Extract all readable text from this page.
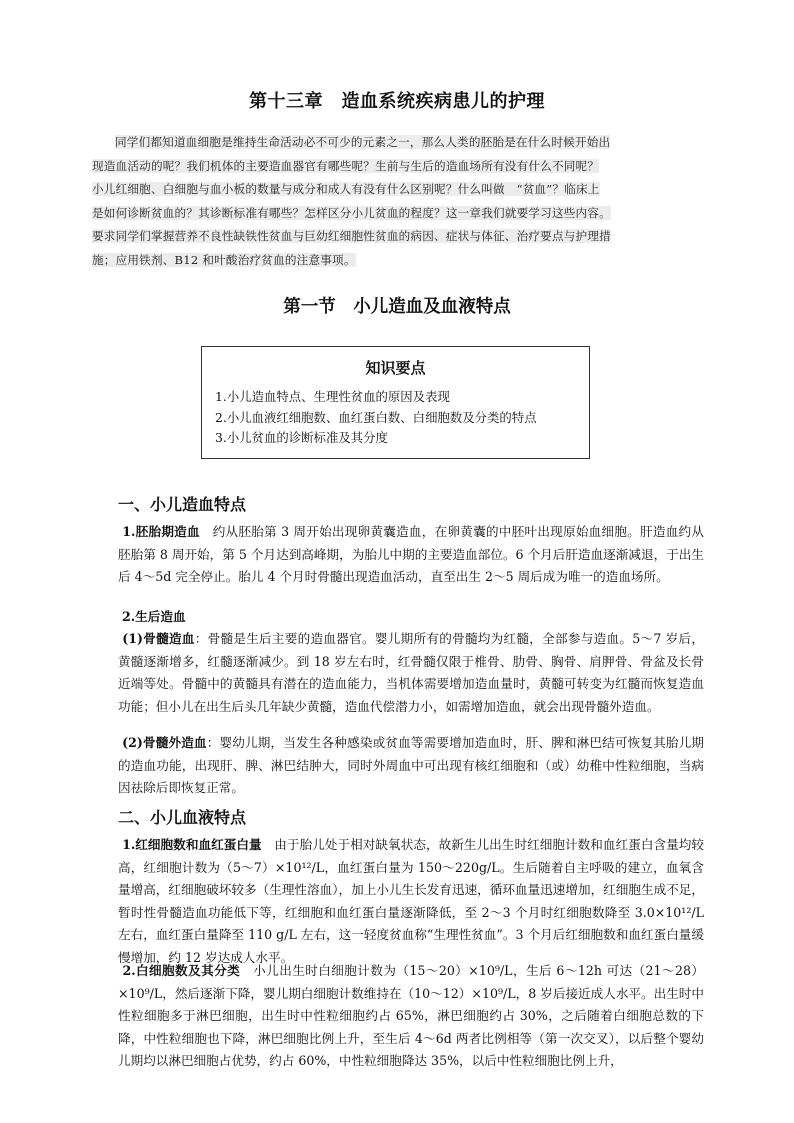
第十三章　造血系统疾病患儿的护理
同学们都知道血细胞是维持生命活动必不可少的元素之一，那么人类的胚胎是在什么时候开始出
现造血活动的呢？我们机体的主要造血器官有哪些呢？生前与生后的造血场所有没有什么不同呢？
小儿红细胞、白细胞与血小板的数量与成分和成人有没有什么区别呢？什么叫做　“贫血”？临床上
是如何诊断贫血的？其诊断标准有哪些？怎样区分小儿贫血的程度？这一章我们就要学习这些内容。
要求同学们掌握营养不良性缺铁性贫血与巨幼红细胞性贫血的病因、症状与体征、治疗要点与护理措
施；应用铁剂、B12 和叶酸治疗贫血的注意事项。
第一节　小儿造血及血液特点
知识要点
1.小儿造血特点、生理性贫血的原因及表现
2.小儿血液红细胞数、血红蛋白数、白细胞数及分类的特点
3.小儿贫血的诊断标准及其分度
一、小儿造血特点
1.胚胎期造血　 约从胚胎第 3 周开始出现卵黄囊造血，在卵黄囊的中胚叶出现原始血细胞。肝造血约从胚胎第 8 周开始，第 5 个月达到高峰期，为胎儿中期的主要造血部位。6 个月后肝造血逐渐减退，于出生后 4～5d 完全停止。胎儿 4 个月时骨髓出现造血活动，直至出生 2～5 周后成为唯一的造血场所。
2.生后造血
(1)骨髓造血：骨髓是生后主要的造血器官。婴儿期所有的骨髓均为红髓，全部参与造血。5～7 岁后，黄髓逐渐增多，红髓逐渐减少。到 18 岁左右时，红骨髓仅限于椎骨、肋骨、胸骨、肩胛骨、骨盆及长骨近端等处。骨髓中的黄髓具有潜在的造血能力，当机体需要增加造血量时，黄髓可转变为红髓而恢复造血功能；但小儿在出生后头几年缺少黄髓，造血代偿潜力小，如需增加造血，就会出现骨髓外造血。
(2)骨髓外造血：婴幼儿期，当发生各种感染或贫血等需要增加造血时，肝、脾和淋巴结可恢复其胎儿期的造血功能，出现肝、脾、淋巴结肿大，同时外周血中可出现有核红细胞和（或）幼稚中性粒细胞，当病因祛除后即恢复正常。
二、小儿血液特点
1.红细胞数和血红蛋白量　 由于胎儿处于相对缺氧状态，故新生儿出生时红细胞计数和血红蛋白含量均较高，红细胞计数为（5～7）×10¹²/L，血红蛋白量为 150～220g/L。生后随着自主呼吸的建立，血氧含量增高，红细胞破坏较多（生理性溶血），加上小儿生长发育迅速，循环血量迅速增加，红细胞生成不足，暂时性骨髓造血功能低下等，红细胞和血红蛋白量逐渐降低，至 2～3 个月时红细胞数降至 3.0×10¹²/L 左右，血红蛋白量降至 110 g/L 左右，这一轻度贫血称“生理性贫血”。3 个月后红细胞数和血红蛋白量缓慢增加，约 12 岁达成人水平。
2.白细胞数及其分类　 小儿出生时白细胞计数为（15～20）×10⁹/L，生后 6～12h 可达（21～28）×10⁹/L，然后逐渐下降，婴儿期白细胞计数维持在（10～12）×10⁹/L，8 岁后接近成人水平。出生时中性粒细胞多于淋巴细胞，出生时中性粒细胞约占 65%，淋巴细胞约占 30%，之后随着白细胞总数的下降，中性粒细胞也下降，淋巴细胞比例上升，至生后 4～6d 两者比例相等（第一次交叉），以后整个婴幼儿期均以淋巴细胞占优势，约占 60%，中性粒细胞降达 35%，以后中性粒细胞比例上升，
